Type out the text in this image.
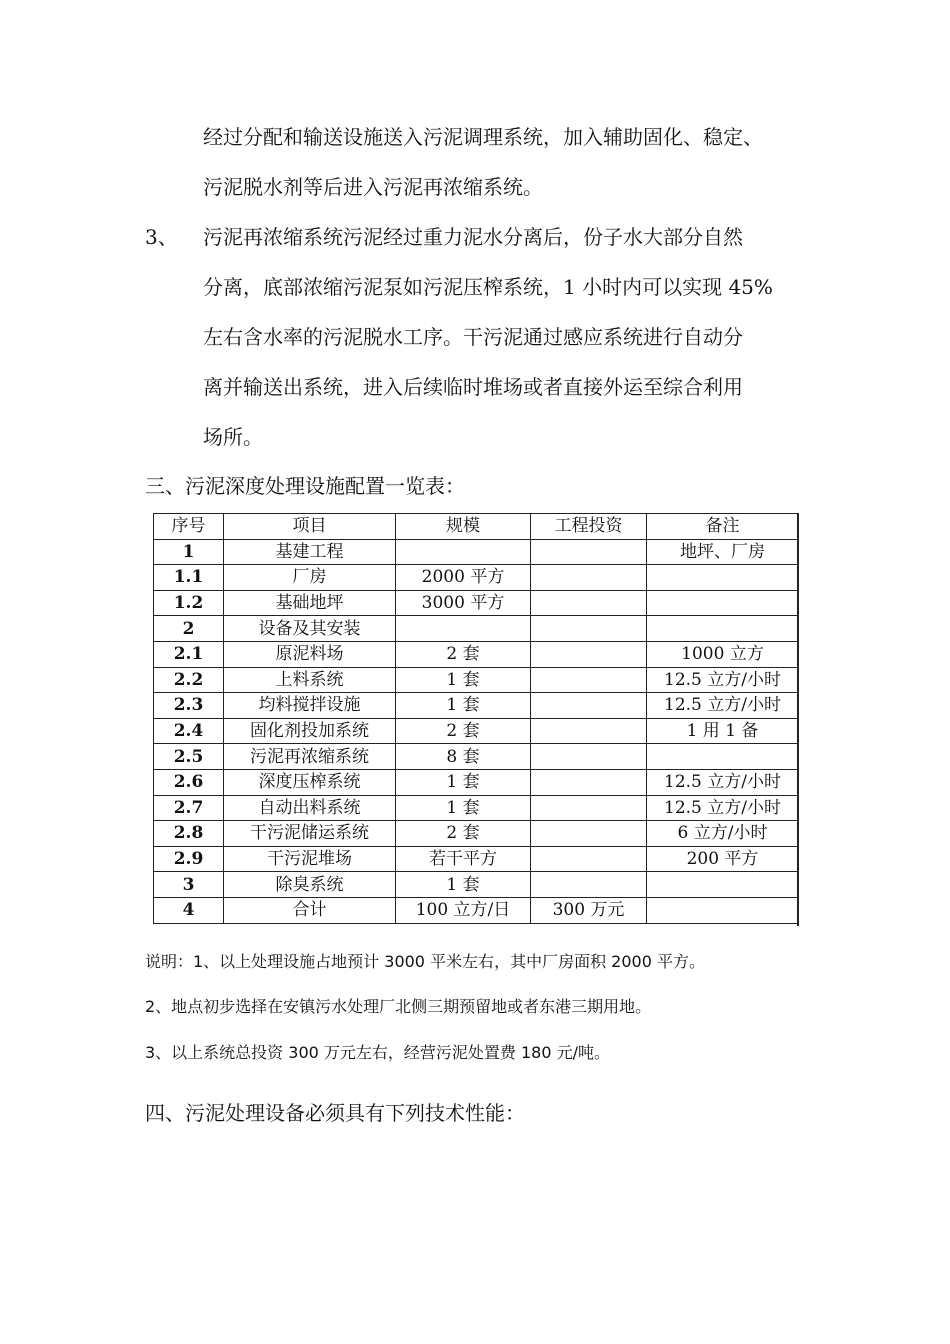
经过分配和输送设施送入污泥调理系统，加入辅助固化、稳定、
污泥脱水剂等后进入污泥再浓缩系统。
3、 污泥再浓缩系统污泥经过重力泥水分离后，份子水大部分自然
分离，底部浓缩污泥泵如污泥压榨系统，1 小时内可以实现 45%
左右含水率的污泥脱水工序。干污泥通过感应系统进行自动分
离并输送出系统，进入后续临时堆场或者直接外运至综合利用
场所。
三、污泥深度处理设施配置一览表：
序号	项目	规模	工程投资	备注
1	基建工程			地坪、厂房
1.1	厂房	2000 平方		
1.2	基础地坪	3000 平方		
2	设备及其安装			
2.1	原泥料场	2 套		1000 立方
2.2	上料系统	1 套		12.5 立方/小时
2.3	均料搅拌设施	1 套		12.5 立方/小时
2.4	固化剂投加系统	2 套		1 用 1 备
2.5	污泥再浓缩系统	8 套		
2.6	深度压榨系统	1 套		12.5 立方/小时
2.7	自动出料系统	1 套		12.5 立方/小时
2.8	干污泥储运系统	2 套		6 立方/小时
2.9	干污泥堆场	若干平方		200 平方
3	除臭系统	1 套		
4	合计	100 立方/日	300 万元	
说明：1、以上处理设施占地预计 3000 平米左右，其中厂房面积 2000 平方。
2、地点初步选择在安镇污水处理厂北侧三期预留地或者东港三期用地。
3、以上系统总投资 300 万元左右，经营污泥处置费 180 元/吨。
四、污泥处理设备必须具有下列技术性能：
